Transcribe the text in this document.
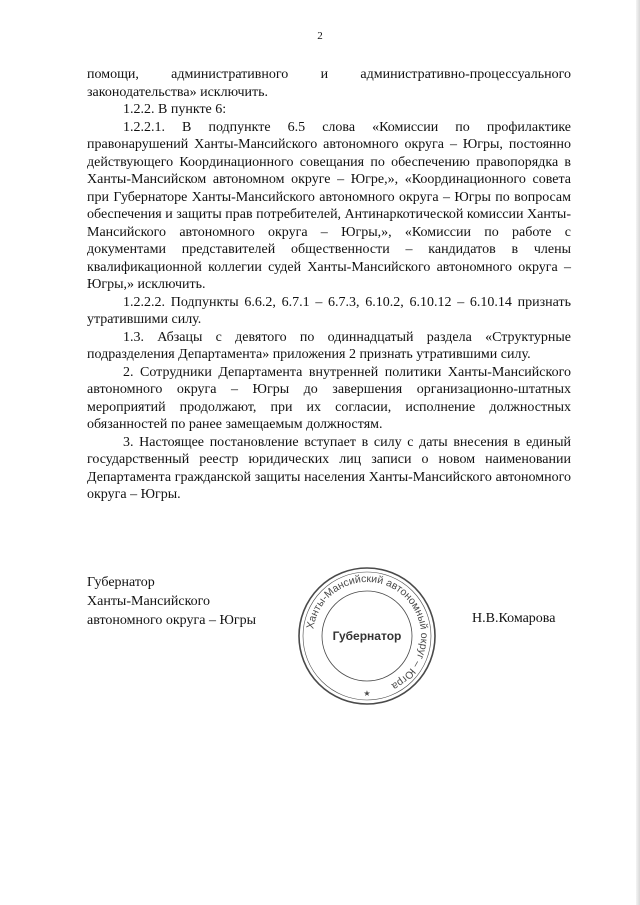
2

помощи, административного и административно-процессуального законодательства» исключить.

1.2.2. В пункте 6:

1.2.2.1. В подпункте 6.5 слова «Комиссии по профилактике правонарушений Ханты-Мансийского автономного округа – Югры, постоянно действующего Координационного совещания по обеспечению правопорядка в Ханты-Мансийском автономном округе – Югре,», «Координационного совета при Губернаторе Ханты-Мансийского автономного округа – Югры по вопросам обеспечения и защиты прав потребителей, Антинаркотической комиссии Ханты-Мансийского автономного округа – Югры,», «Комиссии по работе с документами представителей общественности – кандидатов в члены квалификационной коллегии судей Ханты-Мансийского автономного округа – Югры,» исключить.

1.2.2.2. Подпункты 6.6.2, 6.7.1 – 6.7.3, 6.10.2, 6.10.12 – 6.10.14 признать утратившими силу.

1.3. Абзацы с девятого по одиннадцатый раздела «Структурные подразделения Департамента» приложения 2 признать утратившими силу.

2. Сотрудники Департамента внутренней политики Ханты-Мансийского автономного округа – Югры до завершения организационно-штатных мероприятий продолжают, при их согласии, исполнение должностных обязанностей по ранее замещаемым должностям.

3. Настоящее постановление вступает в силу с даты внесения в единый государственный реестр юридических лиц записи о новом наименовании Департамента гражданской защиты населения Ханты-Мансийского автономного округа – Югры.

Губернатор
Ханты-Мансийского
автономного округа – Югры	Ханты-Мансийский автономный округ – Югра
Губернатор
★
Н.В.Комарова
